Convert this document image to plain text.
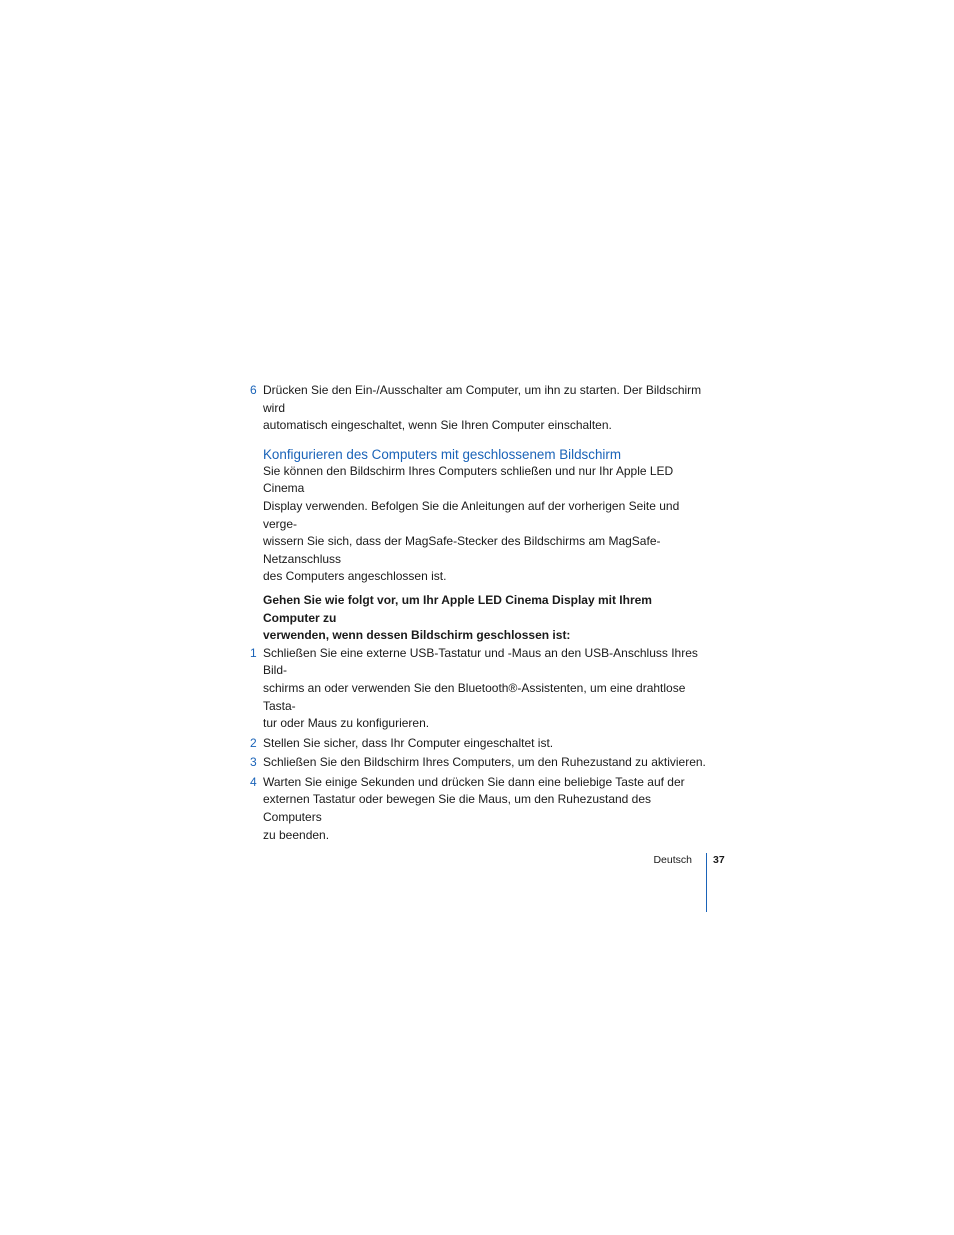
6 Drücken Sie den Ein-/Ausschalter am Computer, um ihn zu starten. Der Bildschirm wird
automatisch eingeschaltet, wenn Sie Ihren Computer einschalten.
Konfigurieren des Computers mit geschlossenem Bildschirm

Sie können den Bildschirm Ihres Computers schließen und nur Ihr Apple LED Cinema
Display verwenden. Befolgen Sie die Anleitungen auf der vorherigen Seite und verge-
wissern Sie sich, dass der MagSafe-Stecker des Bildschirms am MagSafe-Netzanschluss
des Computers angeschlossen ist.

Gehen Sie wie folgt vor, um Ihr Apple LED Cinema Display mit Ihrem Computer zu
verwenden, wenn dessen Bildschirm geschlossen ist:

1 Schließen Sie eine externe USB-Tastatur und -Maus an den USB-Anschluss Ihres Bild-
schirms an oder verwenden Sie den Bluetooth®-Assistenten, um eine drahtlose Tasta-
tur oder Maus zu konfigurieren.
2 Stellen Sie sicher, dass Ihr Computer eingeschaltet ist.
3 Schließen Sie den Bildschirm Ihres Computers, um den Ruhezustand zu aktivieren.
4 Warten Sie einige Sekunden und drücken Sie dann eine beliebige Taste auf der
externen Tastatur oder bewegen Sie die Maus, um den Ruhezustand des Computers
zu beenden.
Deutsch 37
